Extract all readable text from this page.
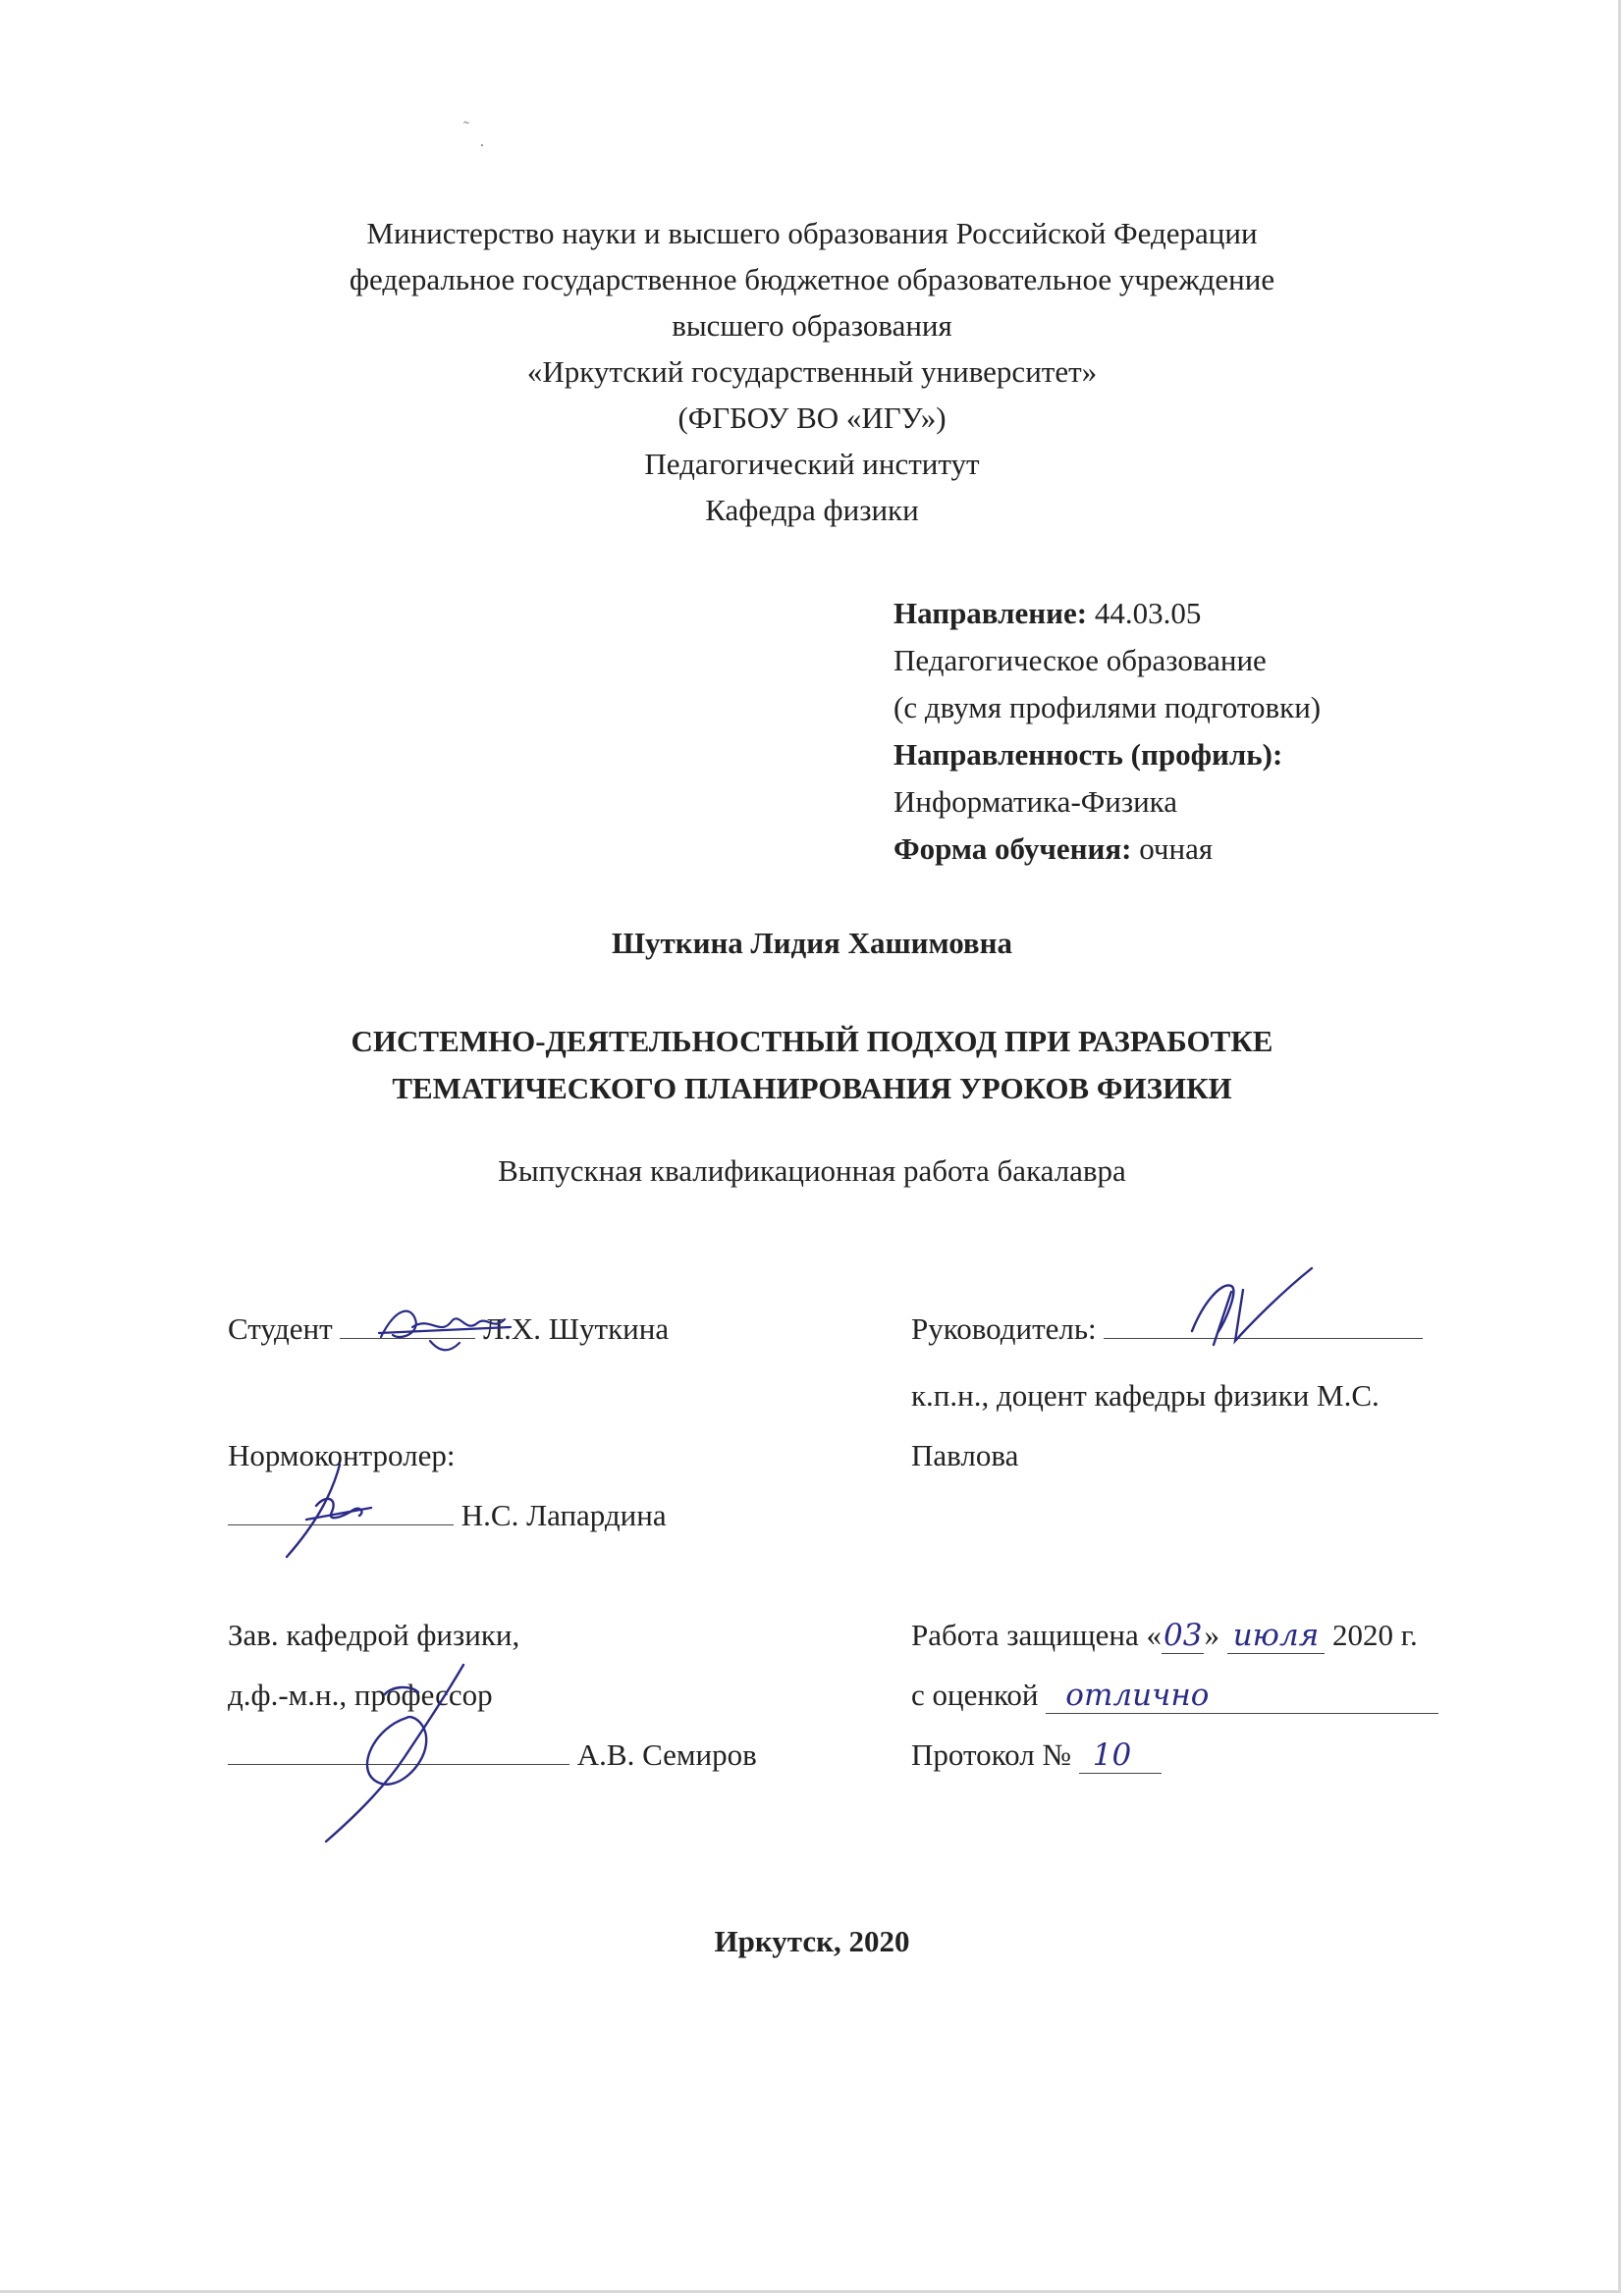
˜
·
Министерство науки и высшего образования Российской Федерации
федеральное государственное бюджетное образовательное учреждение
высшего образования
«Иркутский государственный университет»
(ФГБОУ ВО «ИГУ»)
Педагогический институт
Кафедра физики
Направление: 44.03.05
Педагогическое образование
(с двумя профилями подготовки)
Направленность (профиль):
Информатика-Физика
Форма обучения: очная
Шуткина Лидия Хашимовна
СИСТЕМНО-ДЕЯТЕЛЬНОСТНЫЙ ПОДХОД ПРИ РАЗРАБОТКЕ
ТЕМАТИЧЕСКОГО ПЛАНИРОВАНИЯ УРОКОВ ФИЗИКИ
Выпускная квалификационная работа бакалавра
Студент	Л.Х. Шуткина	Руководитель:
к.п.н., доцент кафедры физики М.С.
Павлова
Нормоконтролер:
Н.С. Лапардина
Зав. кафедрой физики,
д.ф.-м.н., профессор
А.В. Семиров
Работа защищена «03» июля 2020 г.
с оценкой отлично
Протокол № 10
Иркутск, 2020
